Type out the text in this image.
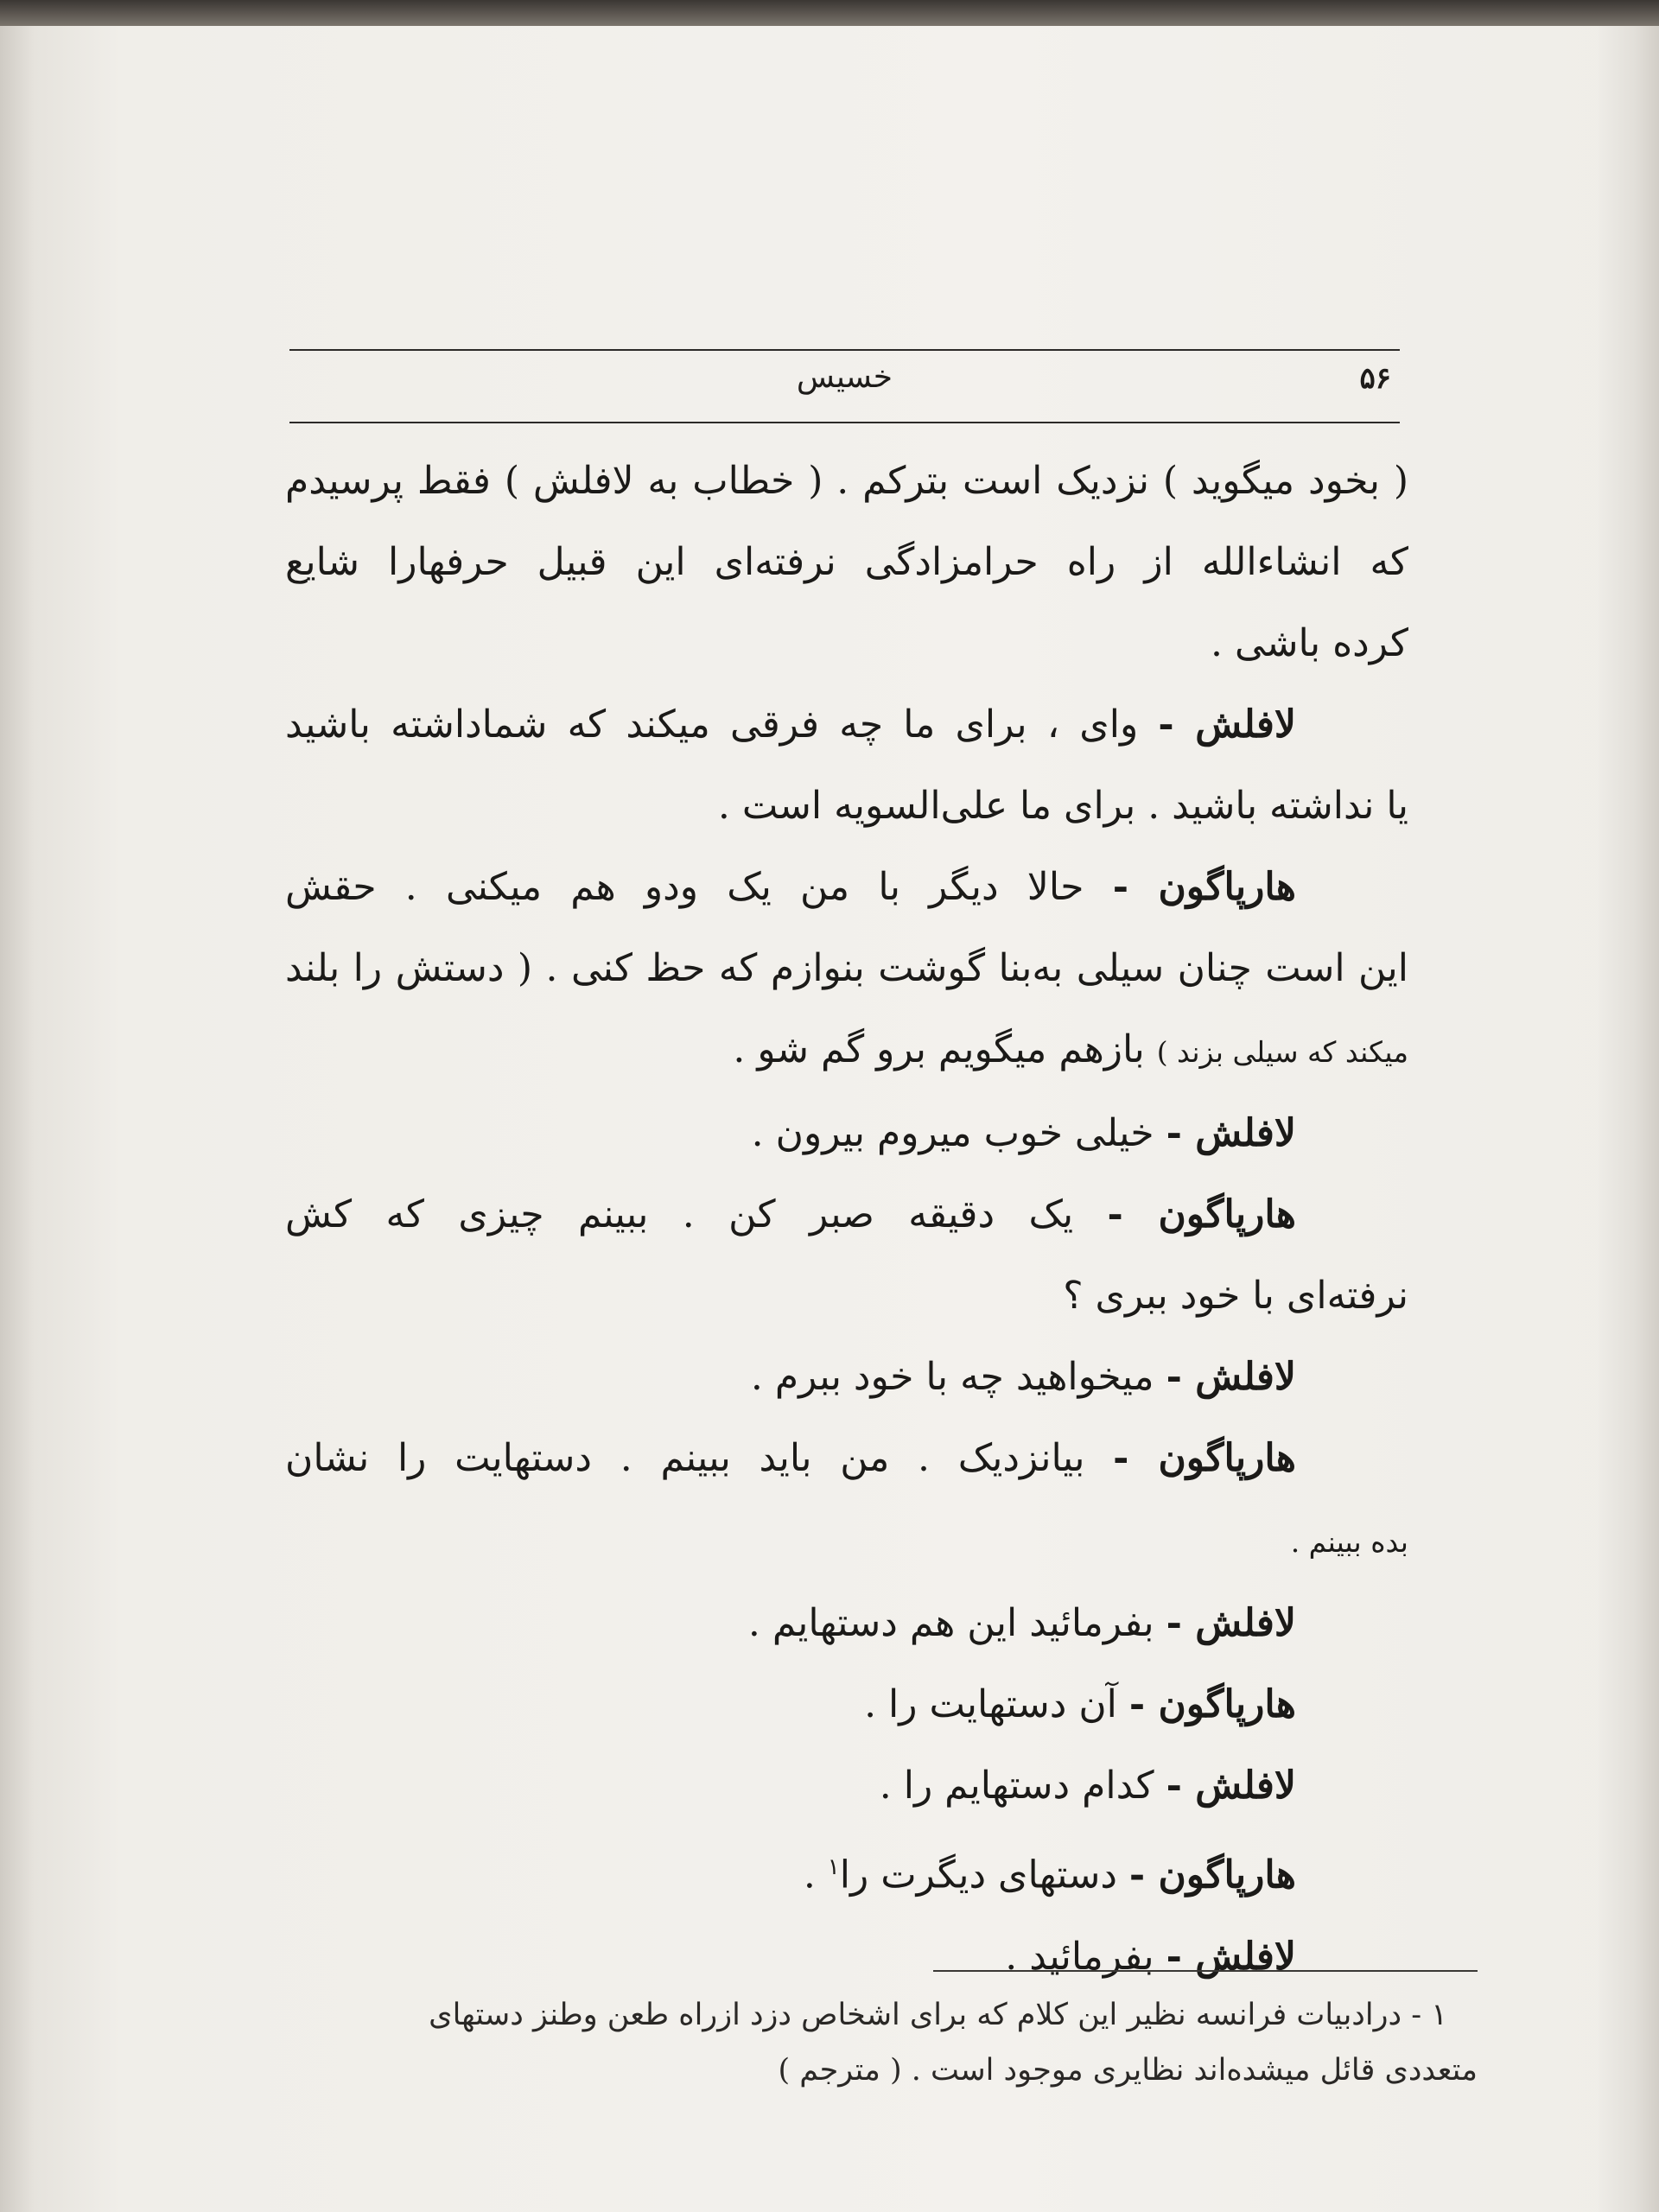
۵۶
خسیس

( بخود میگوید ) نزدیک است بترکم . ( خطاب به لافلش ) فقط پرسیدم

که انشاء‌الله از راه حرامزادگی نرفته‌ای این قبیل حرفهارا شایع

کرده باشی .

لافلش - وای ، برای ما چه فرقی میکند که شماداشته باشید

یا نداشته باشید . برای ما علی‌السویه است .

هارپاگون - حالا دیگر با من یک ودو هم میکنی . حقش

این است چنان سیلی به‌بنا گوشت بنوازم که حظ کنی . ( دستش را بلند

میکند که سیلی بزند ) بازهم میگویم برو گم شو .

لافلش - خیلی خوب میروم بیرون .

هارپاگون - یک دقیقه صبر کن . ببینم چیزی که کش

نرفته‌ای با خود ببری ؟

لافلش - میخواهید چه با خود ببرم .

هارپاگون - بیانزدیک . من باید ببینم . دستهایت را نشان

بده ببینم .

لافلش - بفرمائید این هم دستهایم .

هارپاگون - آن دستهایت را .

لافلش - کدام دستهایم را .

هارپاگون - دستهای دیگرت را$^۱$ .

لافلش - بفرمائید .

۱ - درادبیات فرانسه نظیر این کلام که برای اشخاص دزد ازراه طعن وطنز دستهای

متعددی قائل میشده‌اند نظایری موجود است . ( مترجم )
